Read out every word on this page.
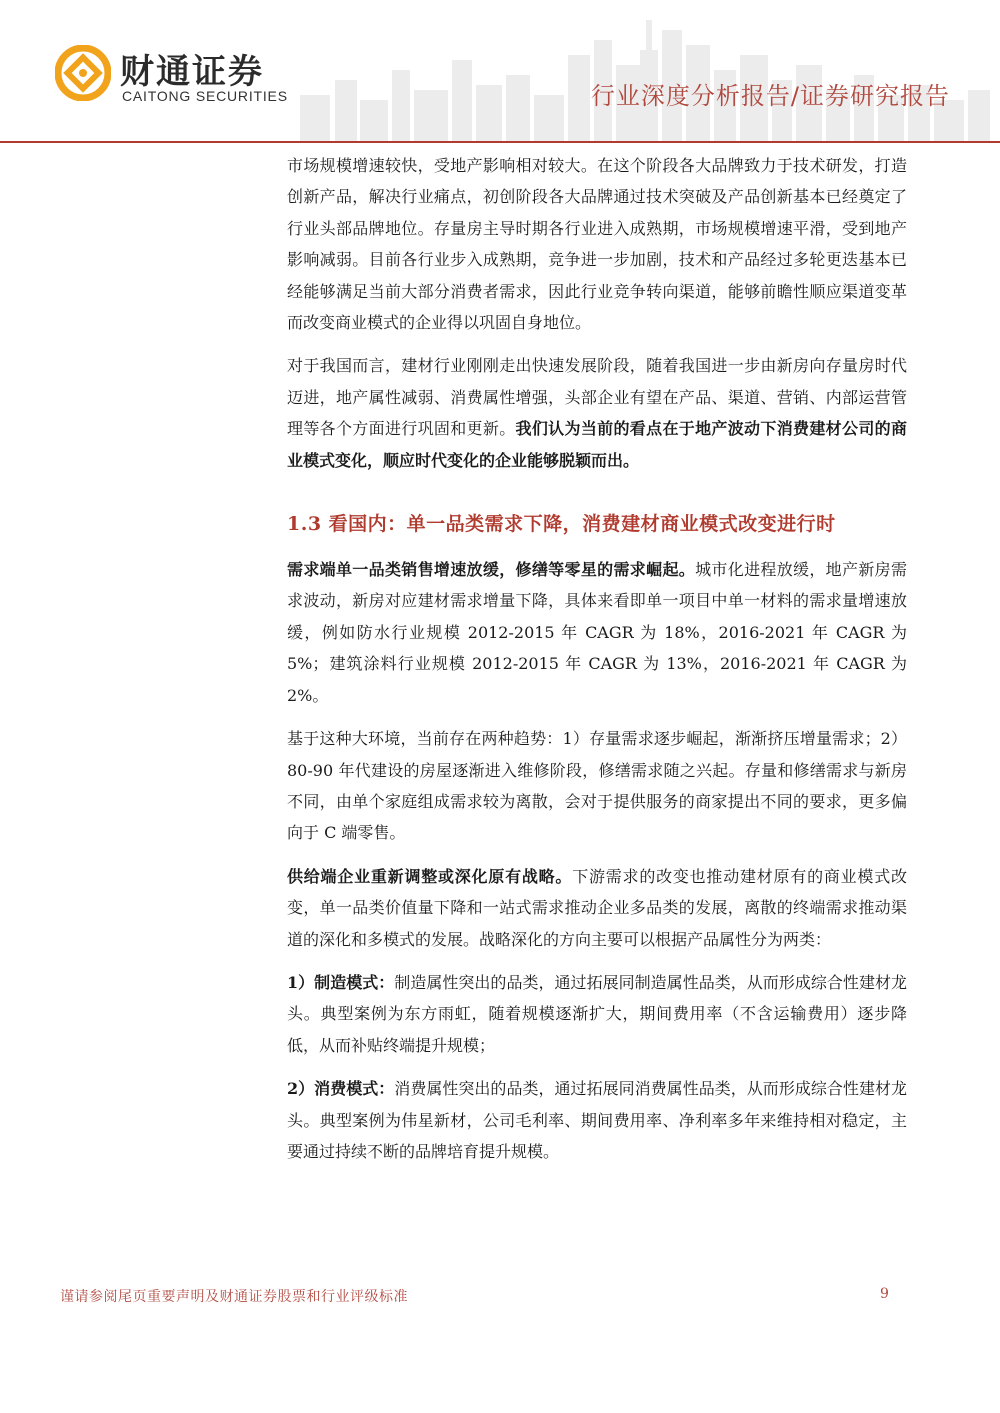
财通证券
CAITONG SECURITIES	行业深度分析报告/证券研究报告

市场规模增速较快，受地产影响相对较大。在这个阶段各大品牌致力于技术研发，打造创新产品，解决行业痛点，初创阶段各大品牌通过技术突破及产品创新基本已经奠定了行业头部品牌地位。存量房主导时期各行业进入成熟期，市场规模增速平滑，受到地产影响减弱。目前各行业步入成熟期，竞争进一步加剧，技术和产品经过多轮更迭基本已经能够满足当前大部分消费者需求，因此行业竞争转向渠道，能够前瞻性顺应渠道变革而改变商业模式的企业得以巩固自身地位。

对于我国而言，建材行业刚刚走出快速发展阶段，随着我国进一步由新房向存量房时代迈进，地产属性减弱、消费属性增强，头部企业有望在产品、渠道、营销、内部运营管理等各个方面进行巩固和更新。我们认为当前的看点在于地产波动下消费建材公司的商业模式变化，顺应时代变化的企业能够脱颖而出。

1.3 看国内：单一品类需求下降，消费建材商业模式改变进行时

需求端单一品类销售增速放缓，修缮等零星的需求崛起。城市化进程放缓，地产新房需求波动，新房对应建材需求增量下降，具体来看即单一项目中单一材料的需求量增速放缓，例如防水行业规模 2012-2015 年 CAGR 为 18%，2016-2021 年 CAGR 为 5%；建筑涂料行业规模 2012-2015 年 CAGR 为 13%，2016-2021 年 CAGR 为 2%。

基于这种大环境，当前存在两种趋势：1）存量需求逐步崛起，渐渐挤压增量需求；2）80-90 年代建设的房屋逐渐进入维修阶段，修缮需求随之兴起。存量和修缮需求与新房不同，由单个家庭组成需求较为离散，会对于提供服务的商家提出不同的要求，更多偏向于 C 端零售。

供给端企业重新调整或深化原有战略。下游需求的改变也推动建材原有的商业模式改变，单一品类价值量下降和一站式需求推动企业多品类的发展，离散的终端需求推动渠道的深化和多模式的发展。战略深化的方向主要可以根据产品属性分为两类：

1）制造模式：制造属性突出的品类，通过拓展同制造属性品类，从而形成综合性建材龙头。典型案例为东方雨虹，随着规模逐渐扩大，期间费用率（不含运输费用）逐步降低，从而补贴终端提升规模；

2）消费模式：消费属性突出的品类，通过拓展同消费属性品类，从而形成综合性建材龙头。典型案例为伟星新材，公司毛利率、期间费用率、净利率多年来维持相对稳定，主要通过持续不断的品牌培育提升规模。

谨请参阅尾页重要声明及财通证券股票和行业评级标准	9
